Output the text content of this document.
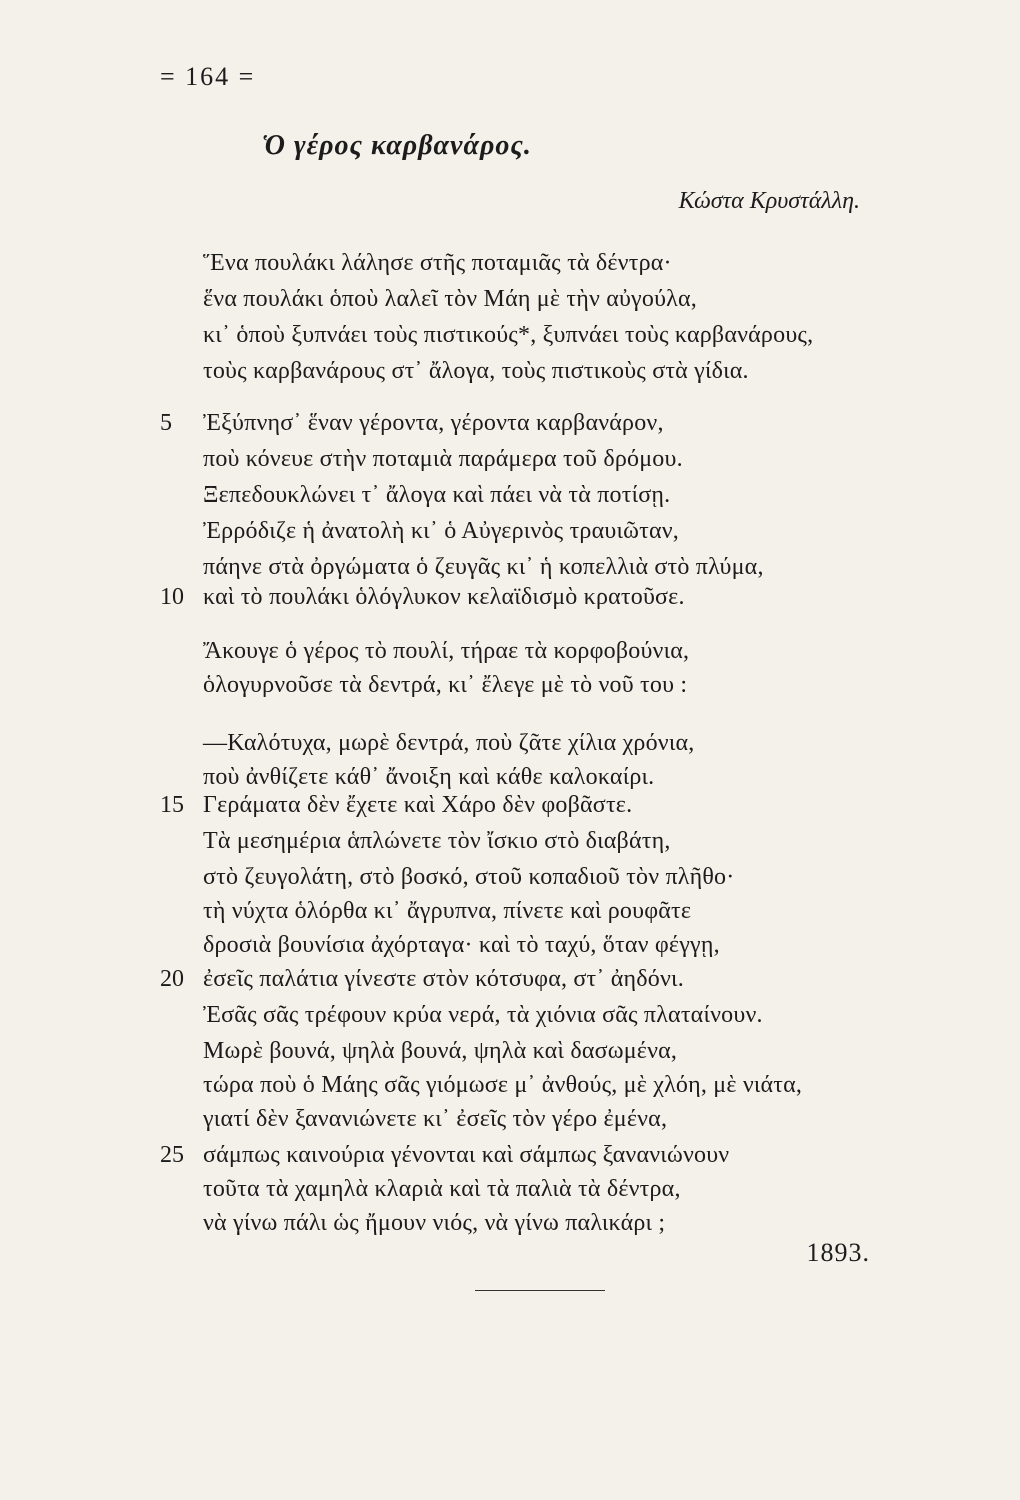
= 164 =
Ὁ γέρος καρβανάρος.
Κώστα Κρυστάλλη.
Ἕνα πουλάκι λάλησε στῆς ποταμιᾶς τὰ δέντρα·
ἕνα πουλάκι ὁποὺ λαλεῖ τὸν Μάη μὲ τὴν αὐγούλα,
κι᾽ ὁποὺ ξυπνάει τοὺς πιστικούς*, ξυπνάει τοὺς καρβανάρους,
τοὺς καρβανάρους στ᾽ ἄλογα, τοὺς πιστικοὺς στὰ γίδια.
5 Ἐξύπνησ᾽ ἕναν γέροντα, γέροντα καρβανάρον,
ποὺ κόνευε στὴν ποταμιὰ παράμερα τοῦ δρόμου.
Ξεπεδουκλώνει τ᾽ ἄλογα καὶ πάει νὰ τὰ ποτίσῃ.
Ἐρρόδιζε ἡ ἀνατολὴ κι᾽ ὁ Αὐγερινὸς τραυιῶταν,
πάηνε στὰ ὀργώματα ὁ ζευγᾶς κι᾽ ἡ κοπελλιὰ στὸ πλύμα,
10 καὶ τὸ πουλάκι ὁλόγλυκον κελαϊδισμὸ κρατοῦσε.
Ἄκουγε ὁ γέρος τὸ πουλί, τήραε τὰ κορφοβούνια,
ὁλογυρνοῦσε τὰ δεντρά, κι᾽ ἔλεγε μὲ τὸ νοῦ του :
—Καλότυχα, μωρὲ δεντρά, ποὺ ζᾶτε χίλια χρόνια,
ποὺ ἀνθίζετε κάθ᾽ ἄνοιξη καὶ κάθε καλοκαίρι.
15 Γεράματα δὲν ἔχετε καὶ Χάρο δὲν φοβᾶστε.
Τὰ μεσημέρια ἁπλώνετε τὸν ἴσκιο στὸ διαβάτη,
στὸ ζευγολάτη, στὸ βοσκό, στοῦ κοπαδιοῦ τὸν πλῆθο·
τὴ νύχτα ὁλόρθα κι᾽ ἄγρυπνα, πίνετε καὶ ρουφᾶτε
δροσιὰ βουνίσια ἀχόρταγα· καὶ τὸ ταχύ, ὅταν φέγγῃ,
20 ἐσεῖς παλάτια γίνεστε στὸν κότσυφα, στ᾽ ἀηδόνι.
Ἐσᾶς σᾶς τρέφουν κρύα νερά, τὰ χιόνια σᾶς πλαταίνουν.
Μωρὲ βουνά, ψηλὰ βουνά, ψηλὰ καὶ δασωμένα,
τώρα ποὺ ὁ Μάης σᾶς γιόμωσε μ᾽ ἀνθούς, μὲ χλόη, μὲ νιάτα,
γιατί δὲν ξανανιώνετε κι᾽ ἐσεῖς τὸν γέρο ἐμένα,
25 σάμπως καινούρια γένονται καὶ σάμπως ξανανιώνουν
τοῦτα τὰ χαμηλὰ κλαριὰ καὶ τὰ παλιὰ τὰ δέντρα,
νὰ γίνω πάλι ὡς ἤμουν νιός, νὰ γίνω παλικάρι ;
1893.
